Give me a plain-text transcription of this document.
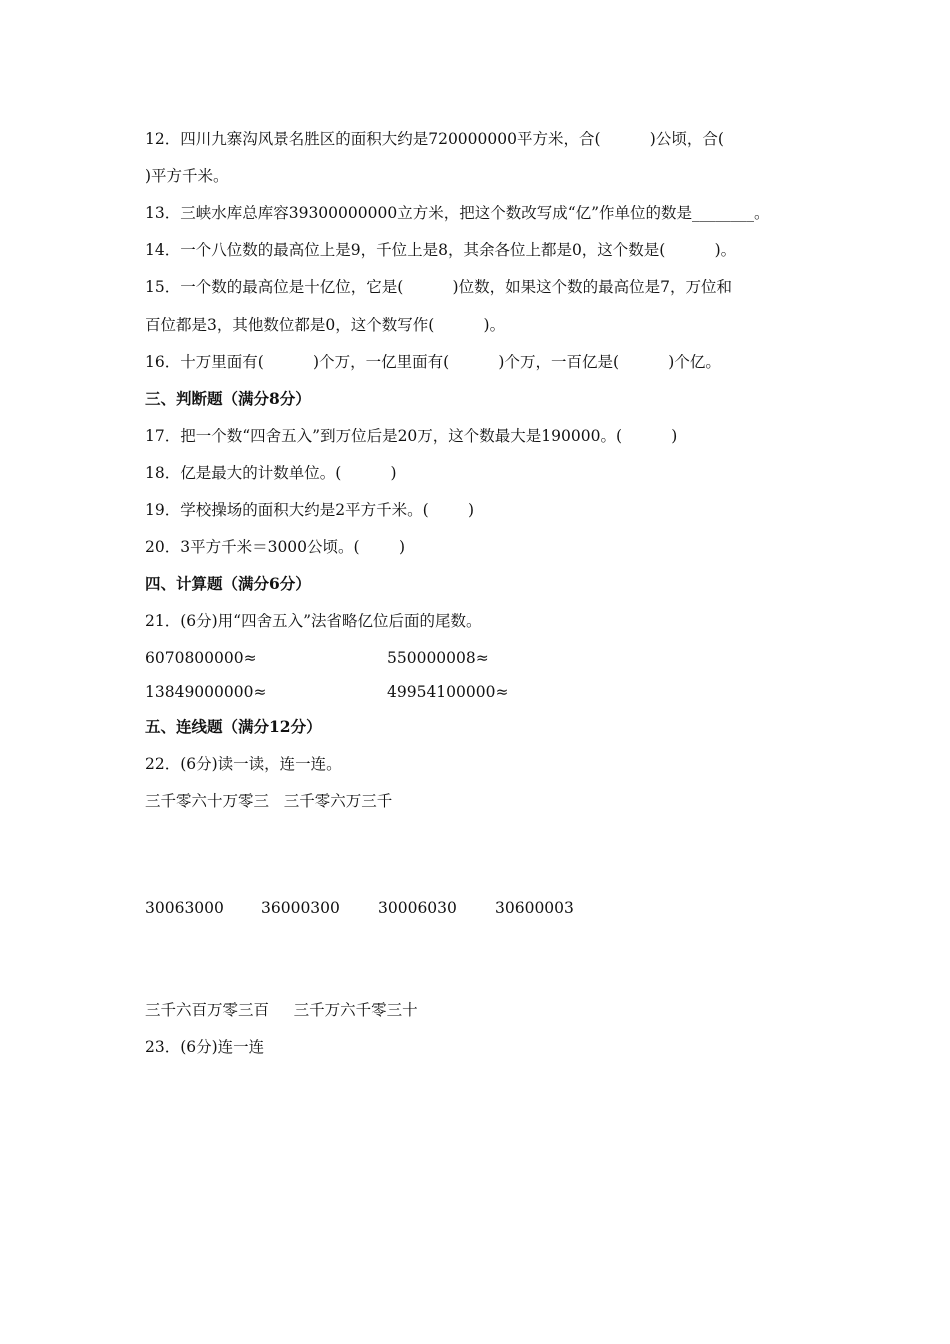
12．四川九寨沟风景名胜区的面积大约是720000000平方米，合(          )公顷，合(
)平方千米。
13．三峡水库总库容39300000000立方米，把这个数改写成“亿”作单位的数是________。
14．一个八位数的最高位上是9，千位上是8，其余各位上都是0，这个数是(          )。
15．一个数的最高位是十亿位，它是(          )位数，如果这个数的最高位是7，万位和
百位都是3，其他数位都是0，这个数写作(          )。
16．十万里面有(          )个万，一亿里面有(          )个万，一百亿是(          )个亿。
三、判断题（满分8分）
17．把一个数“四舍五入”到万位后是20万，这个数最大是190000。(          )
18．亿是最大的计数单位。(          )
19．学校操场的面积大约是2平方千米。(        )
20．3平方千米＝3000公顷。(        )
四、计算题（满分6分）
21．(6分)用“四舍五入”法省略亿位后面的尾数。
6070800000≈	550000008≈
13849000000≈	49954100000≈
五、连线题（满分12分）
22．(6分)读一读，连一连。
三千零六十万零三   三千零六万三千
30063000 36000300 30006030 30600003
三千六百万零三百     三千万六千零三十
23．(6分)连一连
